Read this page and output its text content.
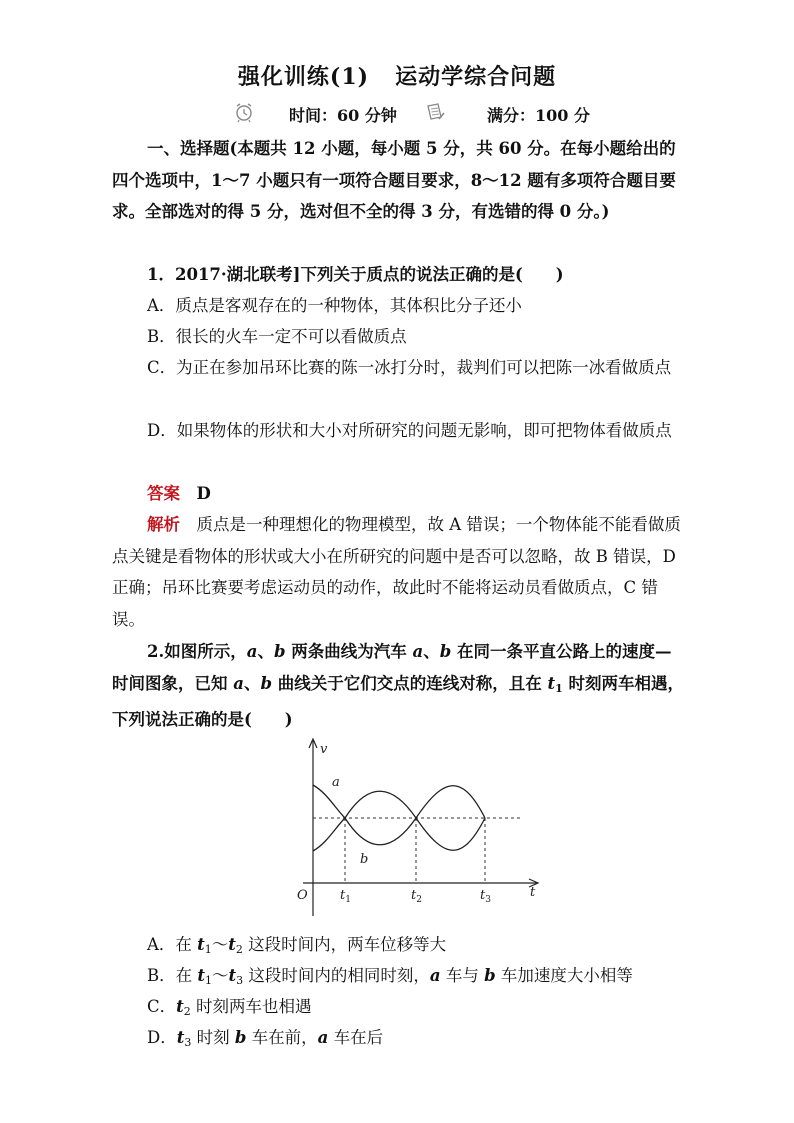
强化训练(1) 运动学综合问题
时间：60 分钟	满分：100 分
一、选择题(本题共 12 小题，每小题 5 分，共 60 分。在每小题给出的四个选项中，1～7 小题只有一项符合题目要求，8～12 题有多项符合题目要求。全部选对的得 5 分，选对但不全的得 3 分，有选错的得 0 分。)
1．2017·湖北联考]下列关于质点的说法正确的是(　　)
A．质点是客观存在的一种物体，其体积比分子还小
B．很长的火车一定不可以看做质点
C．为正在参加吊环比赛的陈一冰打分时，裁判们可以把陈一冰看做质点
D．如果物体的形状和大小对所研究的问题无影响，即可把物体看做质点
答案　 D
解析　 质点是一种理想化的物理模型，故 A 错误；一个物体能不能看做质点关键是看物体的形状或大小在所研究的问题中是否可以忽略，故 B 错误，D 正确；吊环比赛要考虑运动员的动作，故此时不能将运动员看做质点，C 错误。
2.如图所示，a、b 两条曲线为汽车 a、b 在同一条平直公路上的速度—时间图象，已知 a、b 曲线关于它们交点的连线对称，且在 $t_1$ 时刻两车相遇，下列说法正确的是(　　)
v
t
O
a
b
$t_1$	$t_2$	$t_3$
A．在 $t_1\sim t_2$ 这段时间内，两车位移等大
B．在 $t_1\sim t_3$ 这段时间内的相同时刻，a 车与 b 车加速度大小相等
C．$t_2$ 时刻两车也相遇
D．$t_3$ 时刻 b 车在前，a 车在后
